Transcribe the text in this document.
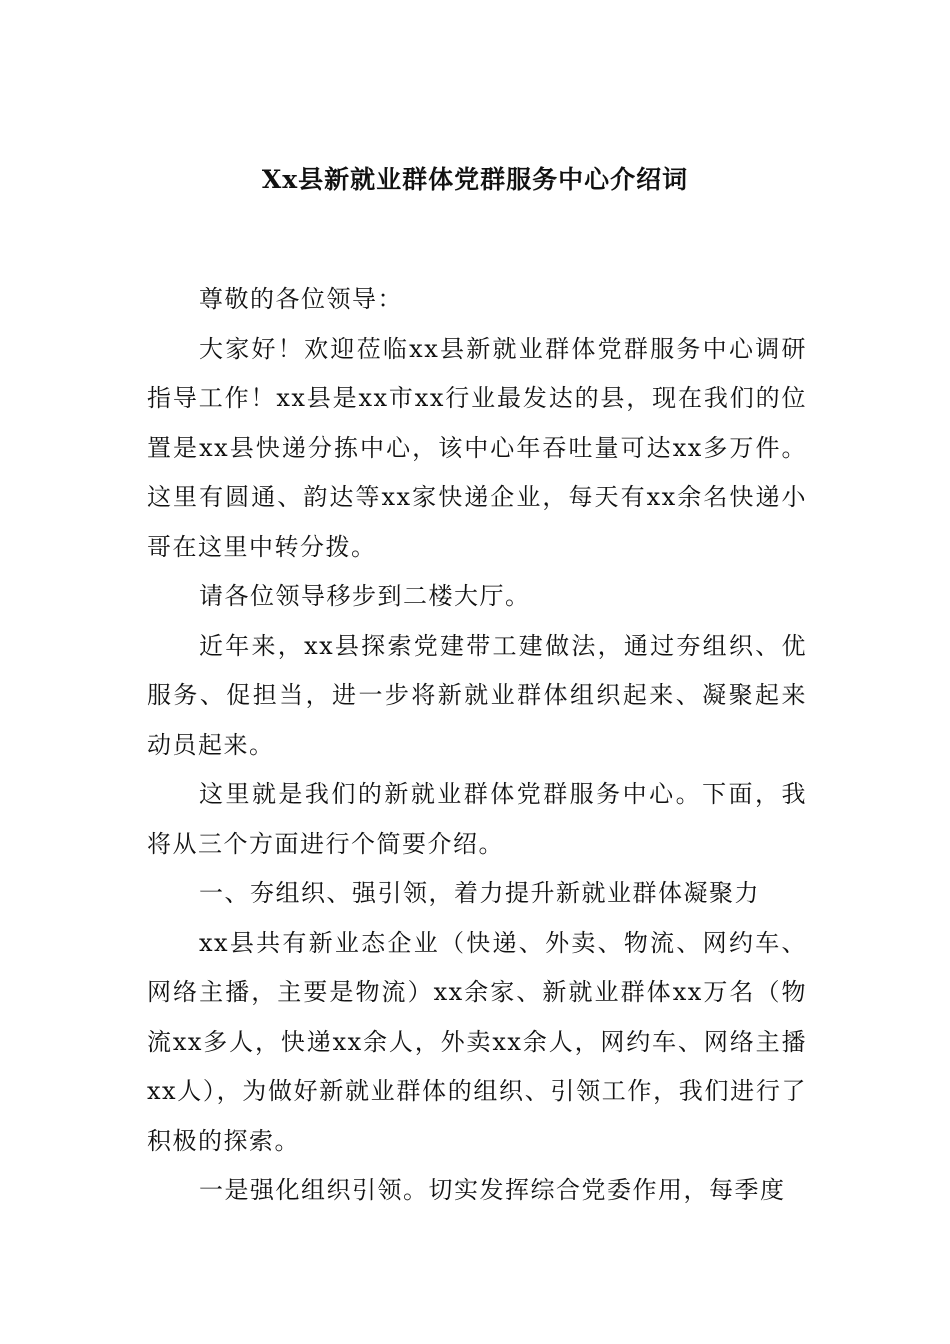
Xx县新就业群体党群服务中心介绍词

尊敬的各位领导：

大家好！欢迎莅临xx县新就业群体党群服务中心调研指导工作！xx县是xx市xx行业最发达的县，现在我们的位置是xx县快递分拣中心，该中心年吞吐量可达xx多万件。这里有圆通、韵达等xx家快递企业，每天有xx余名快递小哥在这里中转分拨。

请各位领导移步到二楼大厅。

近年来，xx县探索党建带工建做法，通过夯组织、优服务、促担当，进一步将新就业群体组织起来、凝聚起来动员起来。

这里就是我们的新就业群体党群服务中心。下面，我将从三个方面进行个简要介绍。

一、夯组织、强引领，着力提升新就业群体凝聚力

xx县共有新业态企业（快递、外卖、物流、网约车、网络主播，主要是物流）xx余家、新就业群体xx万名（物流xx多人，快递xx余人，外卖xx余人，网约车、网络主播xx人），为做好新就业群体的组织、引领工作，我们进行了积极的探索。

一是强化组织引领。切实发挥综合党委作用，每季度
